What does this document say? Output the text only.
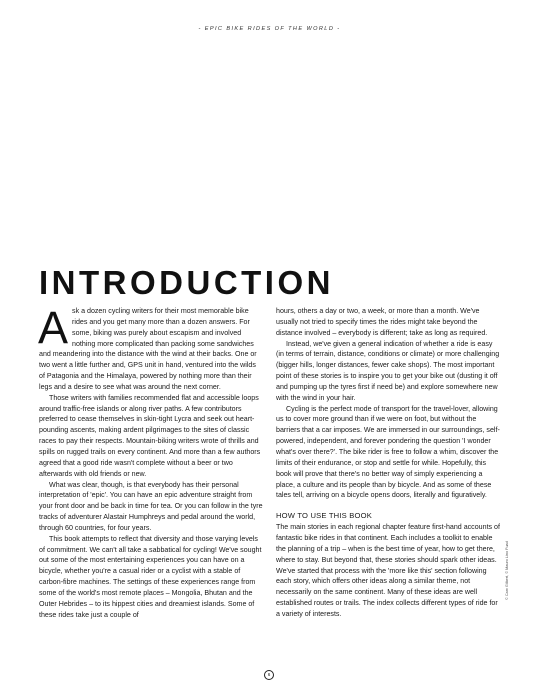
- EPIC BIKE RIDES OF THE WORLD -
INTRODUCTION

Ask a dozen cycling writers for their most memorable bike rides and you get many more than a dozen answers. For some, biking was purely about escapism and involved nothing more complicated than packing some sandwiches and meandering into the distance with the wind at their backs. One or two went a little further and, GPS unit in hand, ventured into the wilds of Patagonia and the Himalaya, powered by nothing more than their legs and a desire to see what was around the next corner.

Those writers with families recommended flat and accessible loops around traffic-free islands or along river paths. A few contributors preferred to cease themselves in skin-tight Lycra and seek out heart-pounding ascents, making ardent pilgrimages to the sites of classic races to pay their respects. Mountain-biking writers wrote of thrills and spills on rugged trails on every continent. And more than a few authors agreed that a good ride wasn't complete without a beer or two afterwards with old friends or new.

What was clear, though, is that everybody has their personal interpretation of 'epic'. You can have an epic adventure straight from your front door and be back in time for tea. Or you can follow in the tyre tracks of adventurer Alastair Humphreys and pedal around the world, through 60 countries, for four years.

This book attempts to reflect that diversity and those varying levels of commitment. We can't all take a sabbatical for cycling! We've sought out some of the most entertaining experiences you can have on a bicycle, whether you're a casual rider or a cyclist with a stable of carbon-fibre machines. The settings of these experiences range from some of the world's most remote places – Mongolia, Bhutan and the Outer Hebrides – to its hippest cities and dreamiest islands. Some of these rides take just a couple of

hours, others a day or two, a week, or more than a month. We've usually not tried to specify times the rides might take beyond the distance involved – everybody is different; take as long as required.

Instead, we've given a general indication of whether a ride is easy (in terms of terrain, distance, conditions or climate) or more challenging (bigger hills, longer distances, fewer cake shops). The most important point of these stories is to inspire you to get your bike out (dusting it off and pumping up the tyres first if need be) and explore somewhere new with the wind in your hair.

Cycling is the perfect mode of transport for the travel-lover, allowing us to cover more ground than if we were on foot, but without the barriers that a car imposes. We are immersed in our surroundings, self-powered, independent, and forever pondering the question 'I wonder what's over there?'. The bike rider is free to follow a whim, discover the limits of their endurance, or stop and settle for while. Hopefully, this book will prove that there's no better way of simply experiencing a place, a culture and its people than by bicycle. And as some of these tales tell, arriving on a bicycle opens doors, literally and figuratively.

HOW TO USE THIS BOOK

The main stories in each regional chapter feature first-hand accounts of fantastic bike rides in that continent. Each includes a toolkit to enable the planning of a trip – when is the best time of year, how to get there, where to stay. But beyond that, these stories should spark other ideas. We've started that process with the 'more like this' section following each story, which offers other ideas along a similar theme, not necessarily on the same continent. Many of these ideas are well established routes or trails. The index collects different types of ride for a variety of interests.

© Cam Gilbert, © Mauro Lino Fuad
6
